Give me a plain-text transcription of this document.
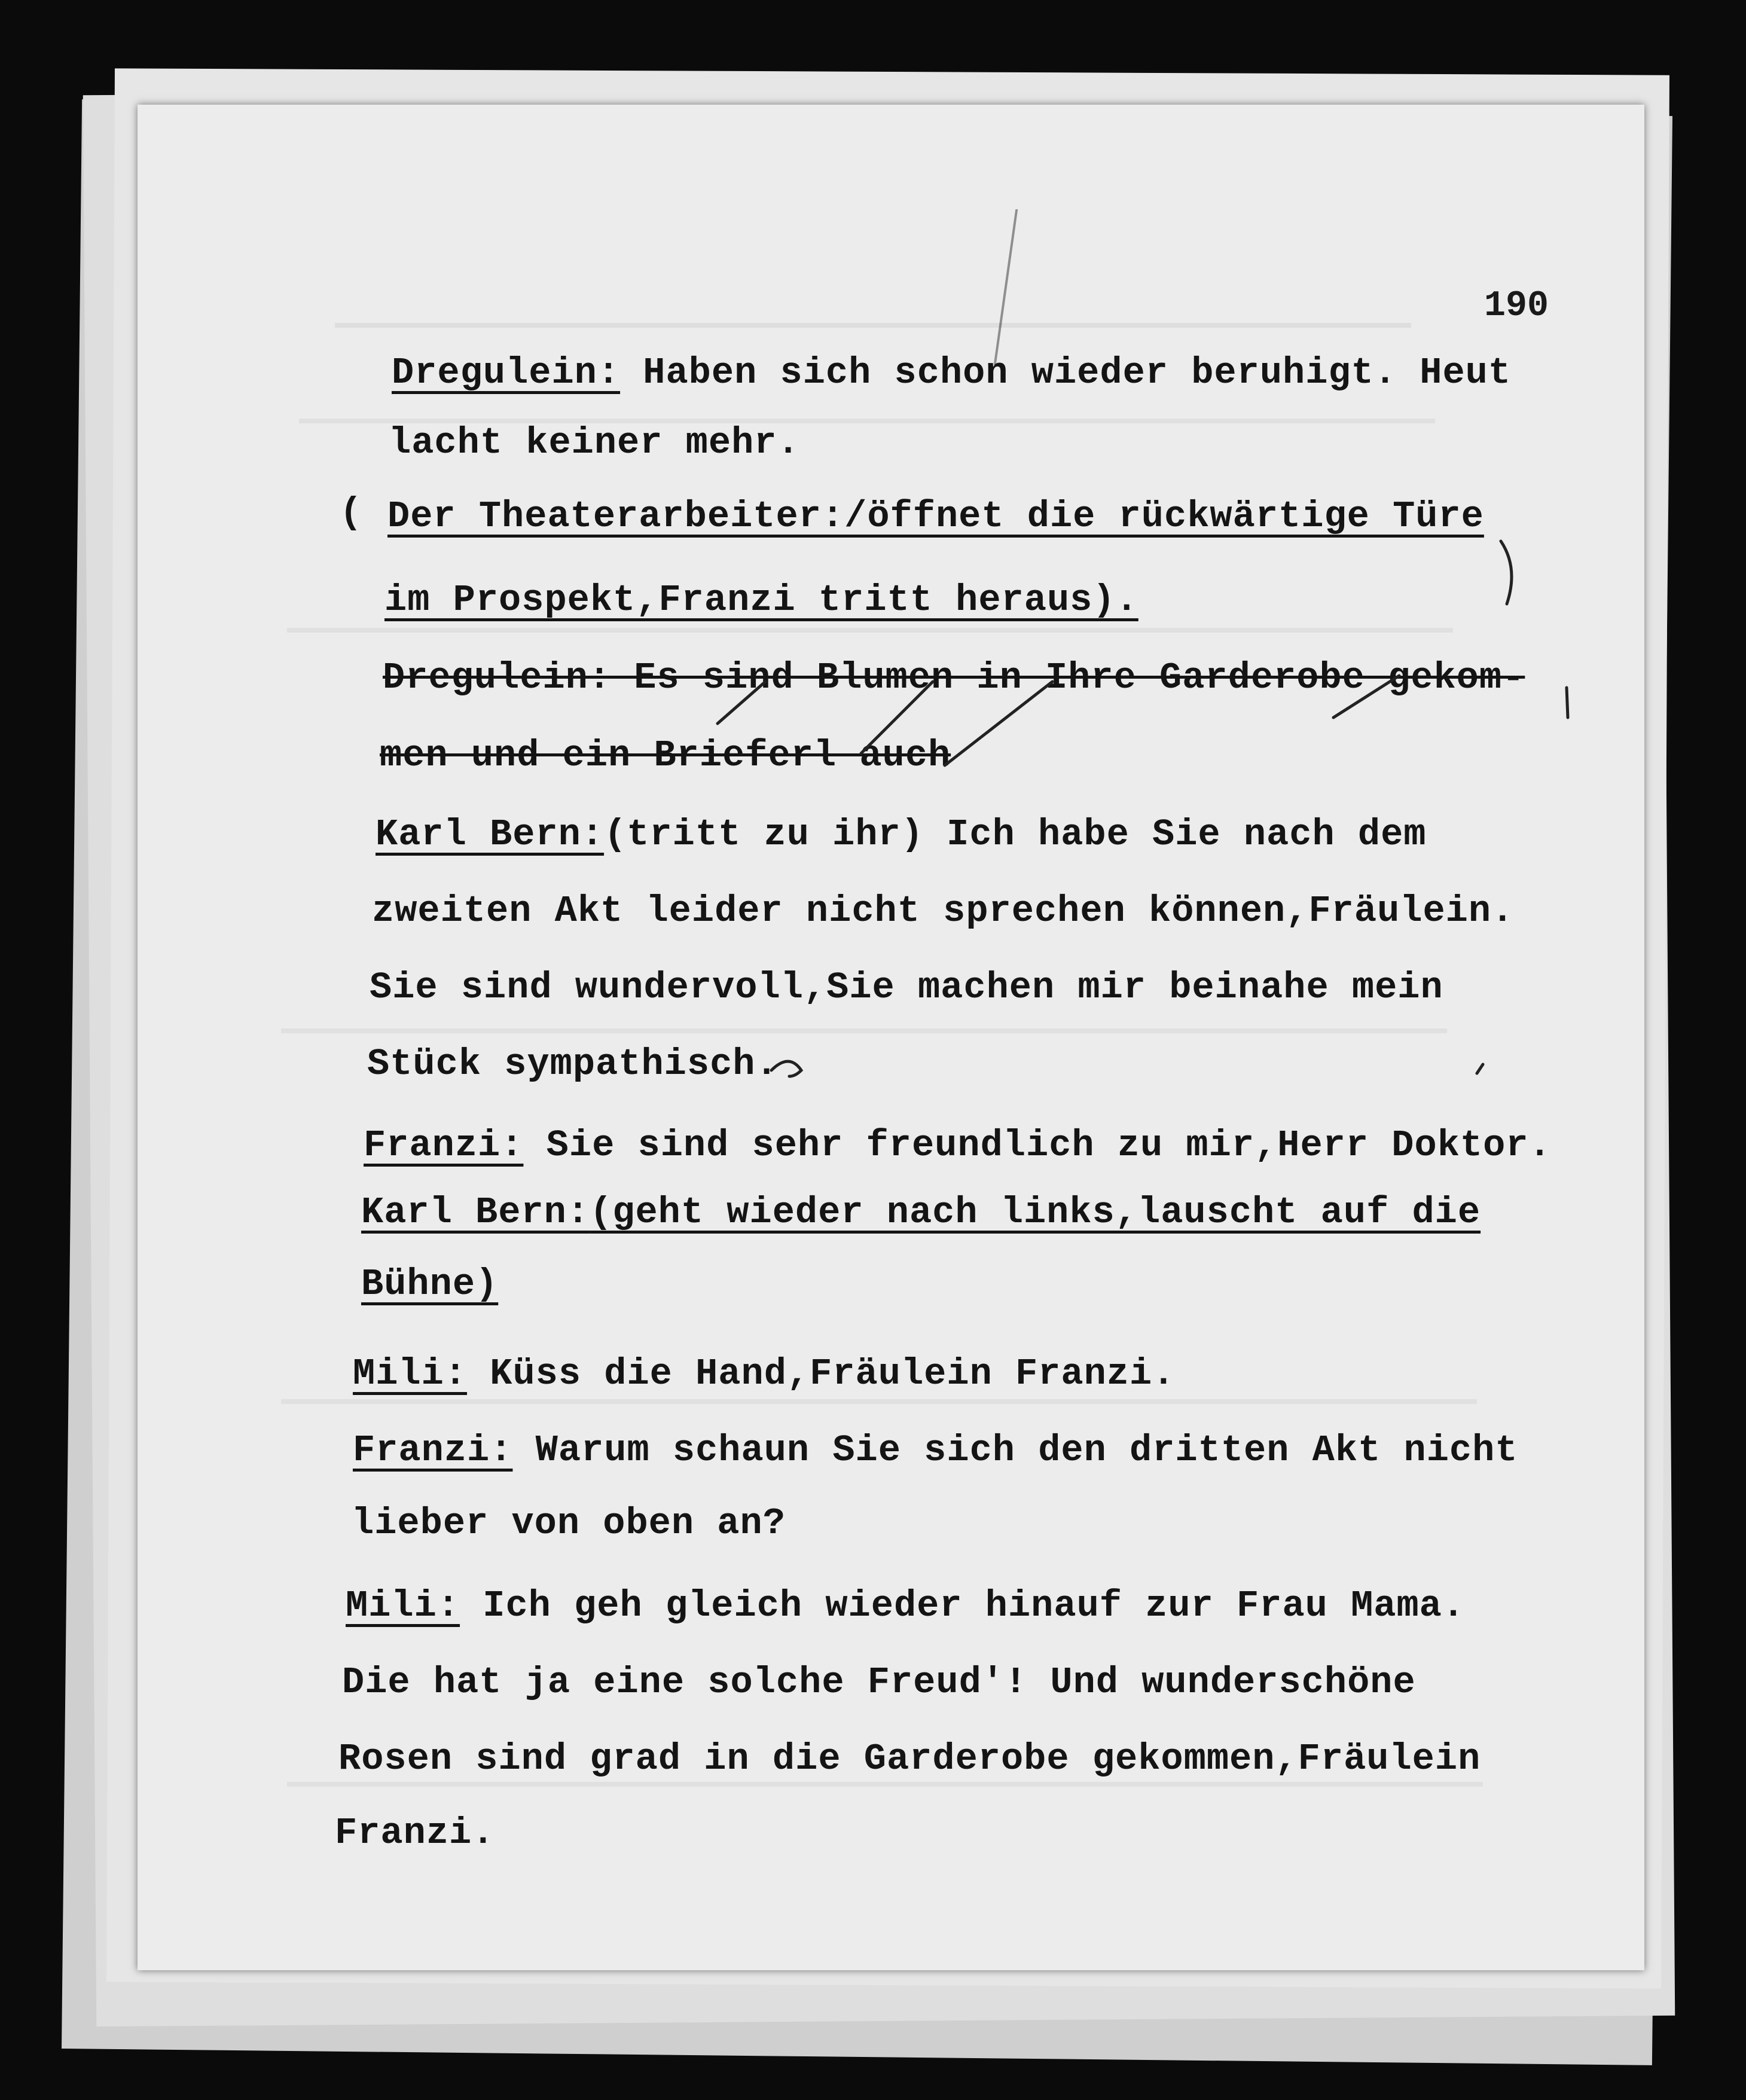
190
(
Dregulein: Haben sich schon wieder beruhigt. Heut
lacht keiner mehr.
Der Theaterarbeiter:/öffnet die rückwärtige Türe
im Prospekt,Franzi tritt heraus).
Dregulein: Es sind Blumen in Ihre Garderobe gekom-
men und ein Brieferl auch
Karl Bern:(tritt zu ihr) Ich habe Sie nach dem
zweiten Akt leider nicht sprechen können,Fräulein.
Sie sind wundervoll,Sie machen mir beinahe mein
Stück sympathisch.
Franzi: Sie sind sehr freundlich zu mir,Herr Doktor.
Karl Bern:(geht wieder nach links,lauscht auf die
Bühne)
Mili: Küss die Hand,Fräulein Franzi.
Franzi: Warum schaun Sie sich den dritten Akt nicht
lieber von oben an?
Mili: Ich geh gleich wieder hinauf zur Frau Mama.
Die hat ja eine solche Freud'! Und wunderschöne
Rosen sind grad in die Garderobe gekommen,Fräulein
Franzi.
